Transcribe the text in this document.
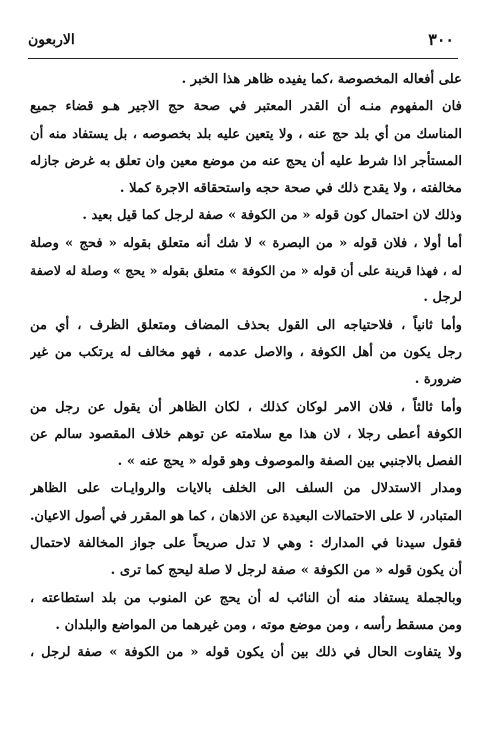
الاربعون	٣٠٠
على أفعاله المخصوصة ،كما يفيده ظاهر هذا الخبر .
فان المفهوم منـه أن القدر المعتبر في صحة حج الاجير هـو قضاء جميع
المناسك من أي بلد حج عنه ، ولا يتعين عليه بلد بخصوصه ، بل يستفاد منه أن
المستأجر اذا شرط عليه أن يحج عنه من موضع معين وان تعلق به غرض جازله
مخالفته ، ولا يقدح ذلك في صحة حجه واستحقاقه الاجرة كملا .
وذلك لان احتمال كون قوله « من الكوفة » صفة لرجل كما قيل بعيد .
أما أولا ، فلان قوله « من البصرة » لا شك أنه متعلق بقوله « فحج » وصلة
له ، فهذا قرينة على أن قوله « من الكوفة » متعلق بقوله « يحج » وصلة له لاصفة
لرجل .
وأما ثانياً ، فلاحتياجه الى القول بحذف المضاف ومتعلق الظرف ، أي من
رجل يكون من أهل الكوفة ، والاصل عدمه ، فهو مخالف له يرتكب من غير
ضرورة .
وأما ثالثاً ، فلان الامر لوكان كذلك ، لكان الظاهر أن يقول عن رجل من
الكوفة أعطى رجلا ، لان هذا مع سلامته عن توهم خلاف المقصود سالم عن
الفصل بالاجنبي بين الصفة والموصوف وهو قوله « يحج عنه » .
ومدار الاستدلال من السلف الى الخلف بالايات والروايـات على الظاهر
المتبادر، لا على الاحتمالات البعيدة عن الاذهان ، كما هو المقرر في أصول الاعيان.
فقول سيدنا في المدارك : وهي لا تدل صريحاً على جواز المخالفة لاحتمال
أن يكون قوله « من الكوفة » صفة لرجل لا صلة ليحج كما ترى .
وبالجملة يستفاد منه أن النائب له أن يحج عن المنوب من بلد استطاعته ،
ومن مسقط رأسه ، ومن موضع موته ، ومن غيرهما من المواضع والبلدان .
ولا يتفاوت الحال في ذلك بين أن يكون قوله « من الكوفة » صفة لرجل ،
